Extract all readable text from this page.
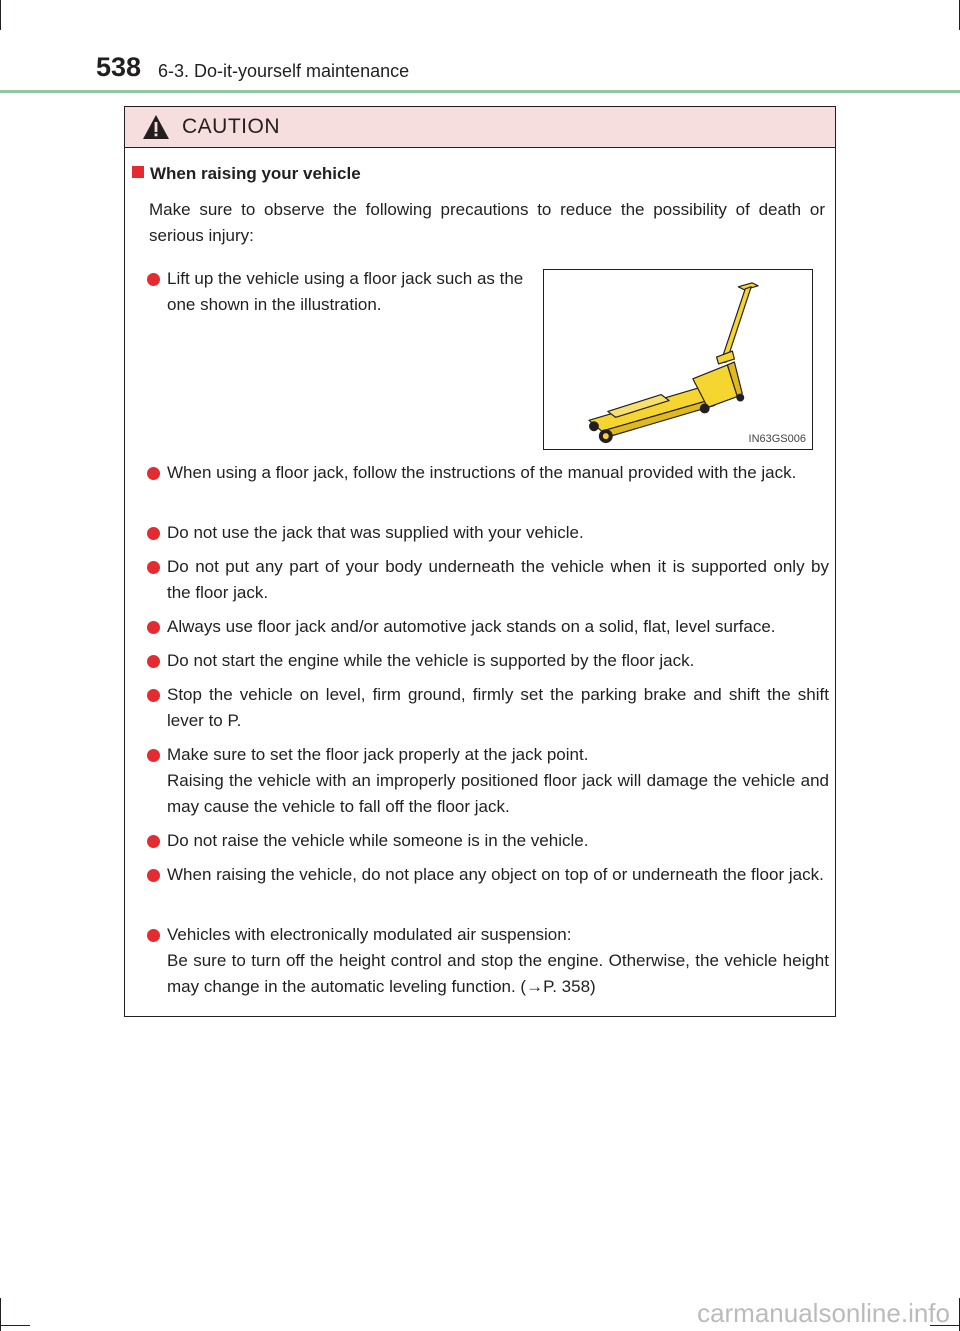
538 6-3. Do-it-yourself maintenance
CAUTION
When raising your vehicle
Make sure to observe the following precautions to reduce the possibility of death or serious injury:
Lift up the vehicle using a floor jack such as the one shown in the illustration.
IN63GS006
When using a floor jack, follow the instructions of the manual provided with the jack.
Do not use the jack that was supplied with your vehicle.
Do not put any part of your body underneath the vehicle when it is supported only by the floor jack.
Always use floor jack and/or automotive jack stands on a solid, flat, level surface.
Do not start the engine while the vehicle is supported by the floor jack.
Stop the vehicle on level, firm ground, firmly set the parking brake and shift the shift lever to P.
Make sure to set the floor jack properly at the jack point.
Raising the vehicle with an improperly positioned floor jack will damage the vehicle and may cause the vehicle to fall off the floor jack.
Do not raise the vehicle while someone is in the vehicle.
When raising the vehicle, do not place any object on top of or underneath the floor jack.
Vehicles with electronically modulated air suspension:
Be sure to turn off the height control and stop the engine. Otherwise, the vehicle height may change in the automatic leveling function. (→P. 358)
carmanualsonline.info
